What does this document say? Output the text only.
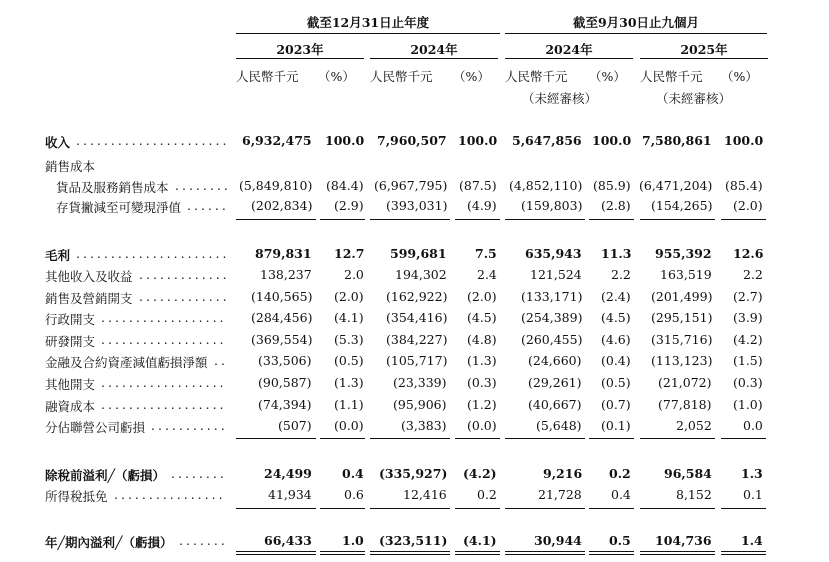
截至12月31日止年度	截至9月30日止九個月
2023年	2024年	2024年	2025年
人民幣千元 （%） 人民幣千元 （%） 人民幣千元 （%） 人民幣千元 （%）
（未經審核）	（未經審核）
收入 ...................... 6,932,475 100.0 7,960,507 100.0 5,647,856 100.0 7,580,861 100.0
銷售成本
貨品及服務銷售成本 ........ (5,849,810) (84.4) (6,967,795) (87.5) (4,852,110) (85.9) (6,471,204) (85.4)
存貨撇減至可變現淨值 ...... (202,834) (2.9) (393,031) (4.9) (159,803) (2.8) (154,265) (2.0)
毛利 ...................... 879,831 12.7 599,681 7.5 635,943 11.3 955,392 12.6
其他收入及收益 ............. 138,237	2.0 194,302 2.4	121,524 2.2 163,519	2.2
銷售及營銷開支 ............. (140,565) (2.0) (162,922) (2.0) (133,171) (2.4) (201,499) (2.7)
行政開支 .................. (284,456) (4.1) (354,416) (4.5) (254,389) (4.5) (295,151) (3.9)
研發開支 .................. (369,554) (5.3) (384,227) (4.8) (260,455) (4.6) (315,716) (4.2)
金融及合約資產減值虧損淨額 .. (33,506) (0.5) (105,717) (1.3)	(24,660) (0.4) (113,123) (1.5)
其他開支 ..................	(90,587) (1.3) (23,339) (0.3)	(29,261) (0.5) (21,072) (0.3)
融資成本 ..................	(74,394) (1.1) (95,906) (1.2)	(40,667) (0.7) (77,818) (1.0)
分佔聯營公司虧損 ...........	(507) (0.0)	(3,383) (0.0)	(5,648) (0.1)	2,052 0.0
除稅前溢利╱（虧損） ........	24,499 0.4 (335,927) (4.2)	9,216 0.2	96,584 1.3
所得稅抵免 ................	41,934	0.6	12,416 0.2	21,728 0.4	8,152 0.1
年╱期內溢利╱（虧損） .......	66,433 1.0 (323,511) (4.1)	30,944 0.5 104,736 1.4
